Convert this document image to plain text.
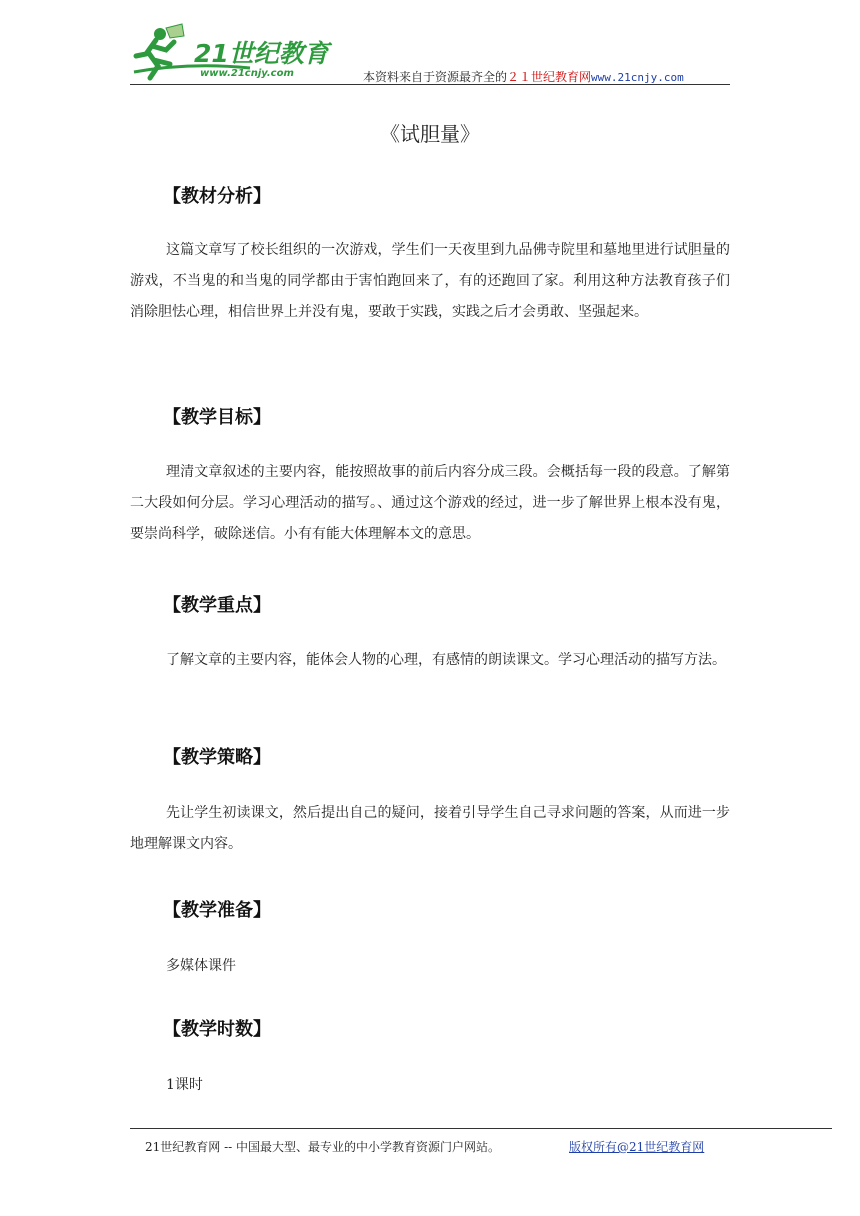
21世纪教育
www.21cnjy.com	本资料来自于资源最齐全的２１世纪教育网www.21cnjy.com
《试胆量》
【教材分析】
这篇文章写了校长组织的一次游戏，学生们一天夜里到九品佛寺院里和墓地里进行试胆量的游戏，不当鬼的和当鬼的同学都由于害怕跑回来了，有的还跑回了家。利用这种方法教育孩子们消除胆怯心理，相信世界上并没有鬼，要敢于实践，实践之后才会勇敢、坚强起来。
【教学目标】
理清文章叙述的主要内容，能按照故事的前后内容分成三段。会概括每一段的段意。了解第二大段如何分层。学习心理活动的描写。、通过这个游戏的经过，进一步了解世界上根本没有鬼，要崇尚科学，破除迷信。小有有能大体理解本文的意思。
【教学重点】
了解文章的主要内容，能体会人物的心理，有感情的朗读课文。学习心理活动的描写方法。
【教学策略】
先让学生初读课文，然后提出自己的疑问，接着引导学生自己寻求问题的答案，从而进一步地理解课文内容。
【教学准备】
多媒体课件
【教学时数】
1课时
21世纪教育网 -- 中国最大型、最专业的中小学教育资源门户网站。	版权所有@21世纪教育网
